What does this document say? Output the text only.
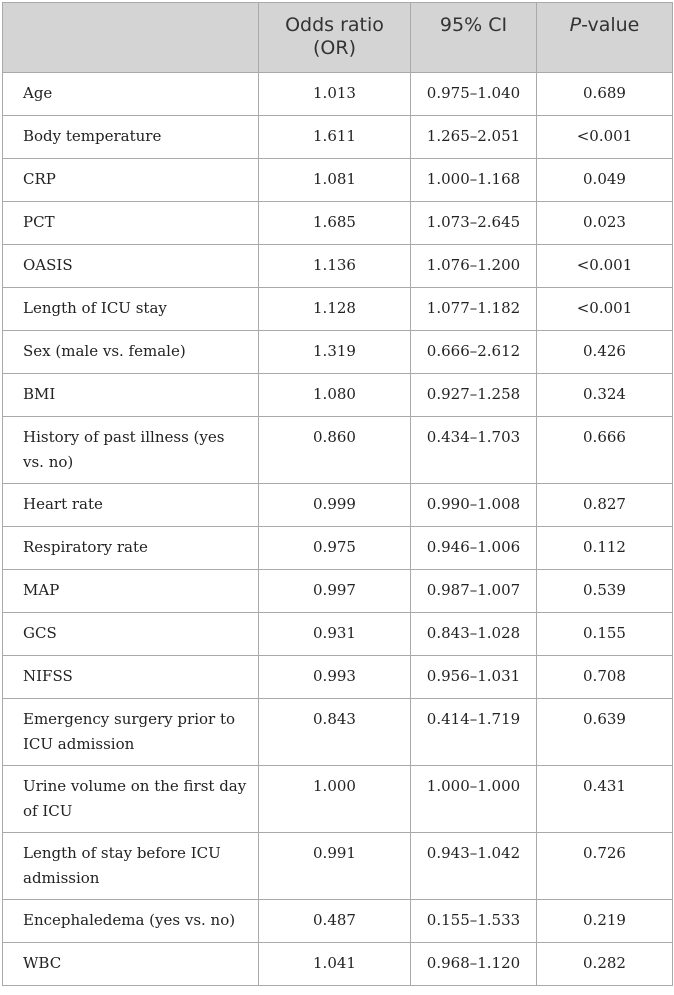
	Odds ratio (OR)	95% CI	P-value
Age	1.013	0.975–1.040	0.689
Body temperature	1.611	1.265–2.051	<0.001
CRP	1.081	1.000–1.168	0.049
PCT	1.685	1.073–2.645	0.023
OASIS	1.136	1.076–1.200	<0.001
Length of ICU stay	1.128	1.077–1.182	<0.001
Sex (male vs. female)	1.319	0.666–2.612	0.426
BMI	1.080	0.927–1.258	0.324
History of past illness (yes vs. no)	0.860	0.434–1.703	0.666
Heart rate	0.999	0.990–1.008	0.827
Respiratory rate	0.975	0.946–1.006	0.112
MAP	0.997	0.987–1.007	0.539
GCS	0.931	0.843–1.028	0.155
NIFSS	0.993	0.956–1.031	0.708
Emergency surgery prior to ICU admission	0.843	0.414–1.719	0.639
Urine volume on the first day of ICU	1.000	1.000–1.000	0.431
Length of stay before ICU admission	0.991	0.943–1.042	0.726
Encephaledema (yes vs. no)	0.487	0.155–1.533	0.219
WBC	1.041	0.968–1.120	0.282
